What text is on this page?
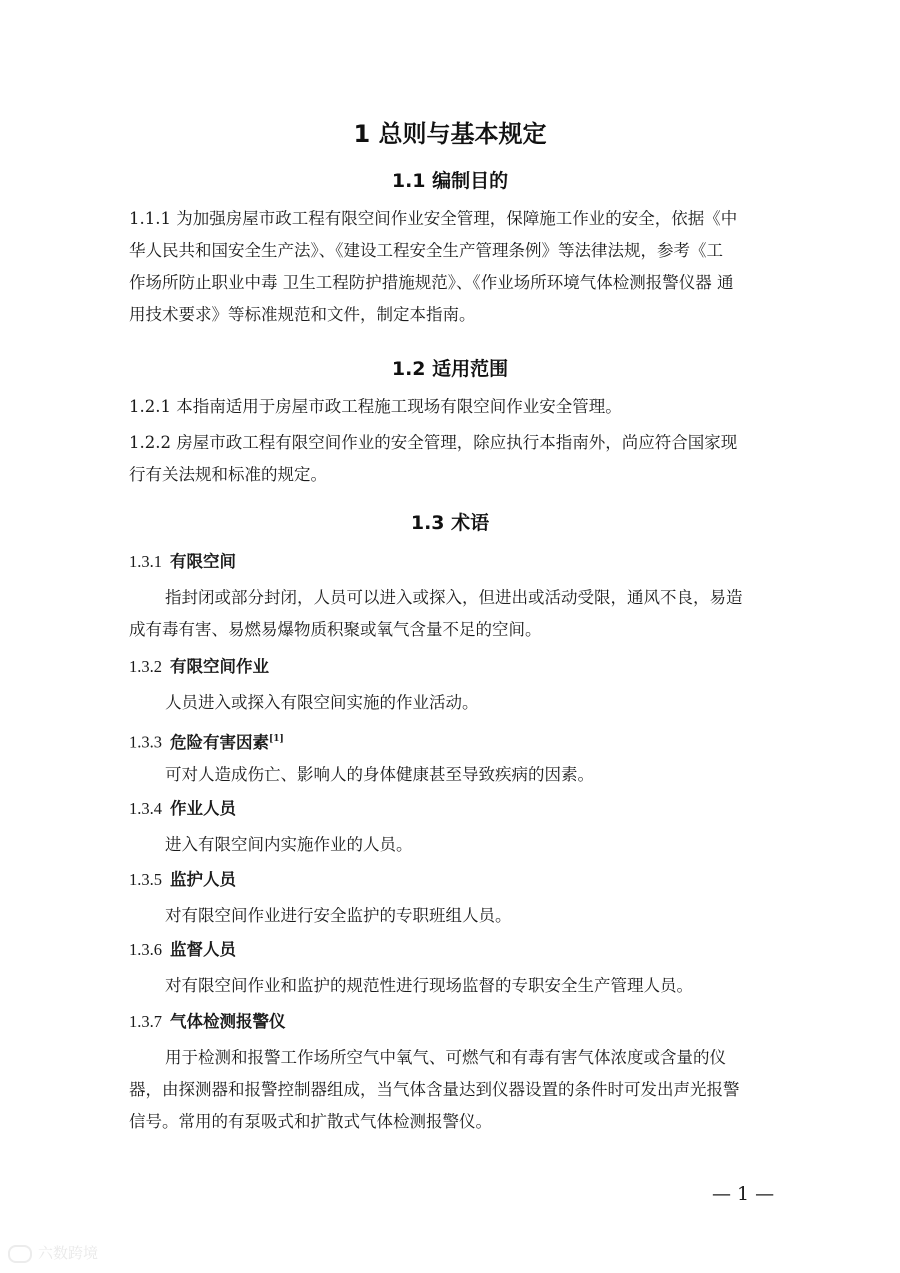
1 总则与基本规定
1.1 编制目的
1.1.1 为加强房屋市政工程有限空间作业安全管理，保障施工作业的安全，依据《中
华人民共和国安全生产法》、《建设工程安全生产管理条例》等法律法规，参考《工
作场所防止职业中毒 卫生工程防护措施规范》、《作业场所环境气体检测报警仪器 通
用技术要求》等标准规范和文件，制定本指南。
1.2 适用范围
1.2.1 本指南适用于房屋市政工程施工现场有限空间作业安全管理。
1.2.2 房屋市政工程有限空间作业的安全管理，除应执行本指南外，尚应符合国家现
行有关法规和标准的规定。
1.3 术语
1.3.1 有限空间
指封闭或部分封闭，人员可以进入或探入，但进出或活动受限，通风不良，易造
成有毒有害、易燃易爆物质积聚或氧气含量不足的空间。
1.3.2 有限空间作业
人员进入或探入有限空间实施的作业活动。
1.3.3 危险有害因素[1]
可对人造成伤亡、影响人的身体健康甚至导致疾病的因素。
1.3.4 作业人员
进入有限空间内实施作业的人员。
1.3.5 监护人员
对有限空间作业进行安全监护的专职班组人员。
1.3.6 监督人员
对有限空间作业和监护的规范性进行现场监督的专职安全生产管理人员。
1.3.7 气体检测报警仪
用于检测和报警工作场所空气中氧气、可燃气和有毒有害气体浓度或含量的仪
器，由探测器和报警控制器组成，当气体含量达到仪器设置的条件时可发出声光报警
信号。常用的有泵吸式和扩散式气体检测报警仪。
— 1 —
六数跨境
